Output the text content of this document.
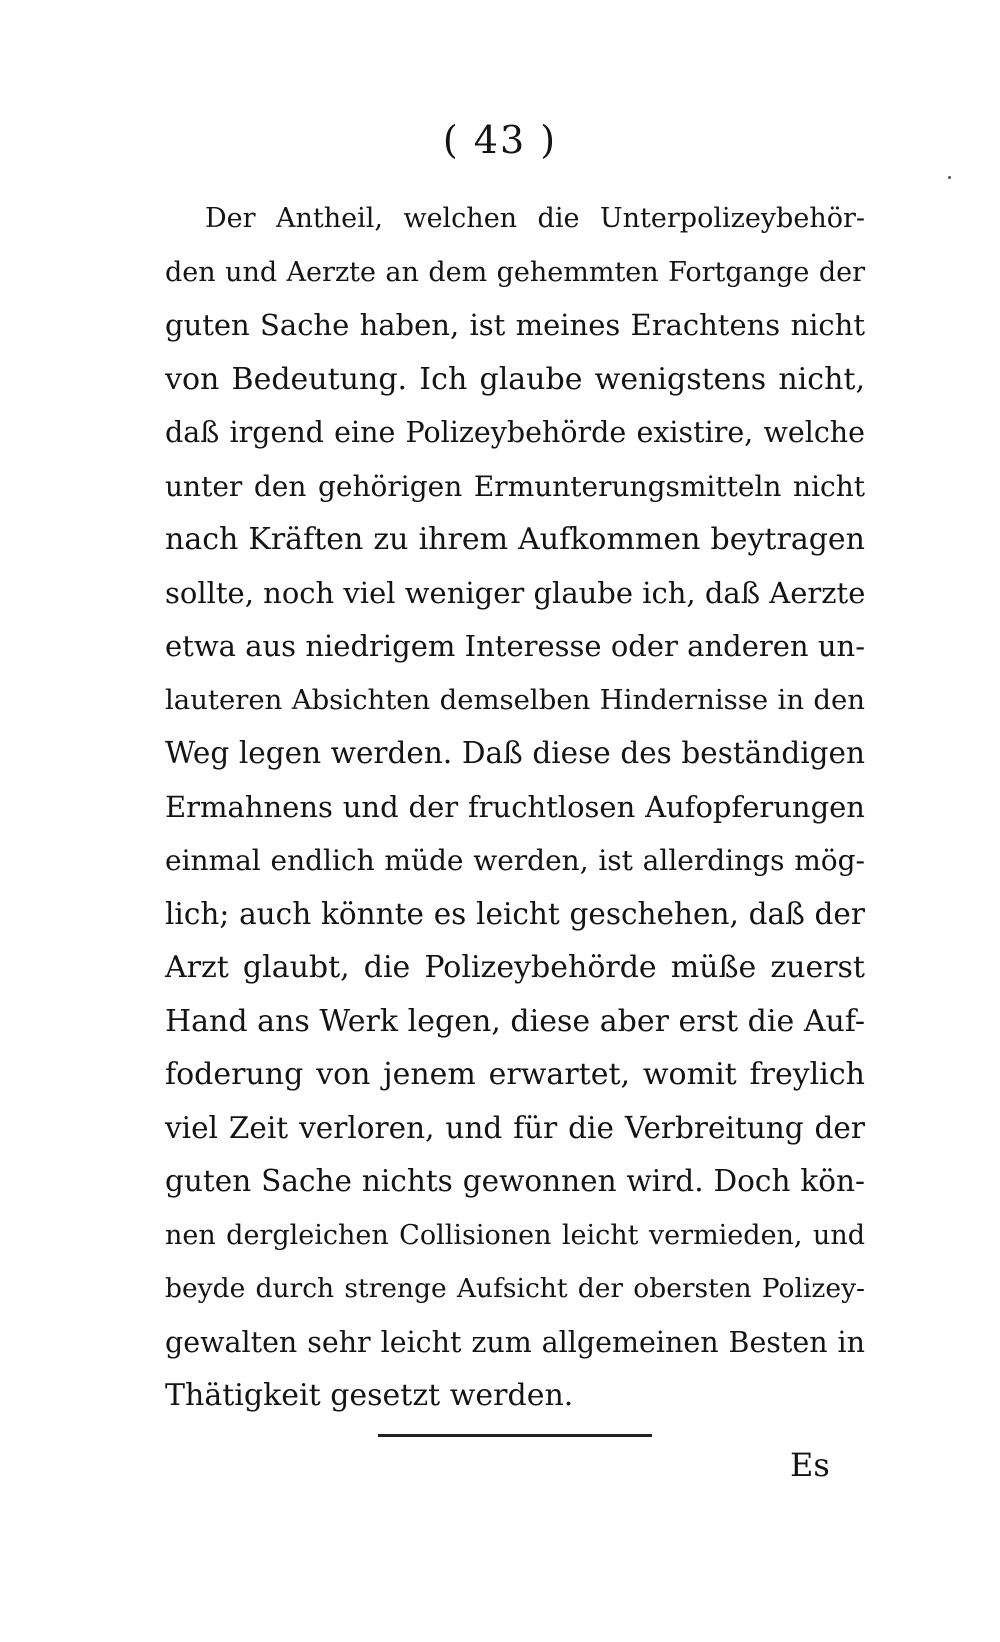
( 43 )
Der Antheil, welchen die Unterpolizeybehör-
den und Aerzte an dem gehemmten Fortgange der
guten Sache haben, ist meines Erachtens nicht
von Bedeutung. Ich glaube wenigstens nicht,
daß irgend eine Polizeybehörde existire, welche
unter den gehörigen Ermunterungsmitteln nicht
nach Kräften zu ihrem Aufkommen beytragen
sollte, noch viel weniger glaube ich, daß Aerzte
etwa aus niedrigem Interesse oder anderen un-
lauteren Absichten demselben Hindernisse in den
Weg legen werden. Daß diese des beständigen
Ermahnens und der fruchtlosen Aufopferungen
einmal endlich müde werden, ist allerdings mög-
lich; auch könnte es leicht geschehen, daß der
Arzt glaubt, die Polizeybehörde müße zuerst
Hand ans Werk legen, diese aber erst die Auf-
foderung von jenem erwartet, womit freylich
viel Zeit verloren, und für die Verbreitung der
guten Sache nichts gewonnen wird. Doch kön-
nen dergleichen Collisionen leicht vermieden, und
beyde durch strenge Aufsicht der obersten Polizey-
gewalten sehr leicht zum allgemeinen Besten in
Thätigkeit gesetzt werden.
Es
